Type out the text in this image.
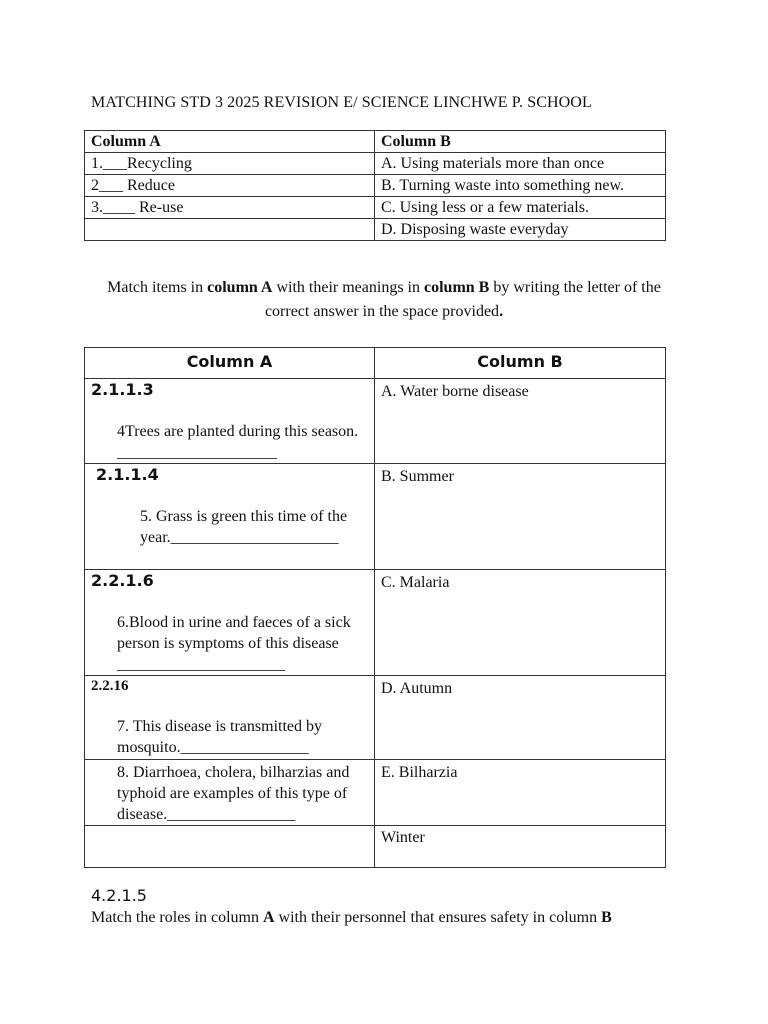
MATCHING STD 3 2025 REVISION E/ SCIENCE LINCHWE P. SCHOOL
Column A	Column B
1.___Recycling	A. Using materials more than once
2___ Reduce	B. Turning waste into something new.
3.____ Re-use	C. Using less or a few materials.
	D. Disposing waste everyday
Match items in column A with their meanings in column B by writing the letter of the correct answer in the space provided.
Column A	Column B

2.1.1.3
4Trees are planted during this season. ____________________	A. Water borne disease

2.1.1.4
5. Grass is green this time of the year._____________________	B. Summer

2.2.1.6
6.Blood in urine and faeces of a sick person is symptoms of this disease _____________________	C. Malaria

2.2.16
7. This disease is transmitted by mosquito.________________	D. Autumn

8. Diarrhoea, cholera, bilharzias and typhoid are examples of this type of disease.________________	E. Bilharzia

	Winter
4.2.1.5
Match the roles in column A with their personnel that ensures safety in column B
